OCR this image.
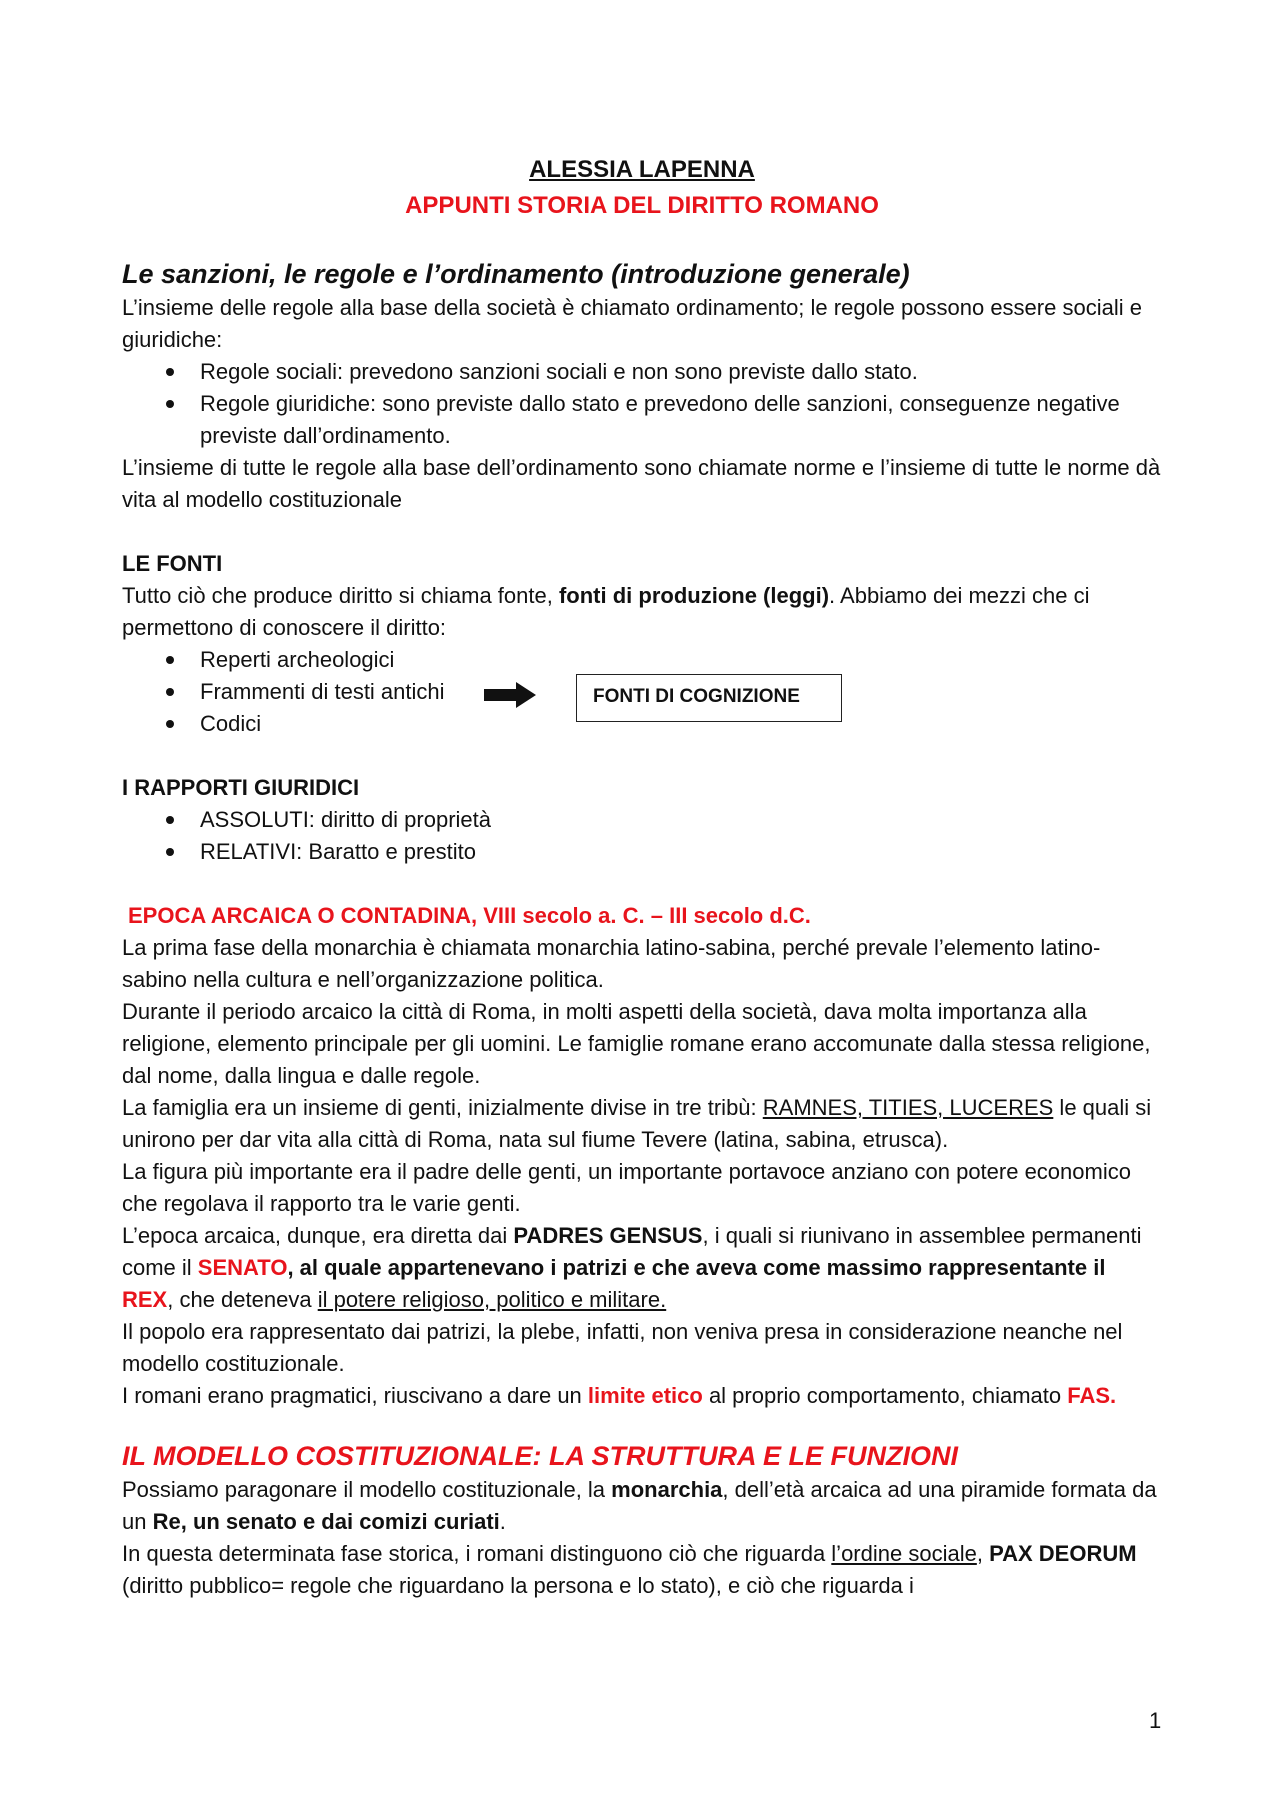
ALESSIA LAPENNA
APPUNTI STORIA DEL DIRITTO ROMANO
Le sanzioni, le regole e l’ordinamento (introduzione generale)

L’insieme delle regole alla base della società è chiamato ordinamento; le regole possono essere sociali e giuridiche:

Regole sociali: prevedono sanzioni sociali e non sono previste dallo stato.
Regole giuridiche: sono previste dallo stato e prevedono delle sanzioni, conseguenze negative previste dall’ordinamento.

L’insieme di tutte le regole alla base dell’ordinamento sono chiamate norme e l’insieme di tutte le norme dà vita al modello costituzionale

LE FONTI

Tutto ciò che produce diritto si chiama fonte, fonti di produzione (leggi). Abbiamo dei mezzi che ci permettono di conoscere il diritto:

Reperti archeologici
Frammenti di testi antichi
Codici
FONTI DI COGNIZIONE
I RAPPORTI GIURIDICI
ASSOLUTI: diritto di proprietà
RELATIVI: Baratto e prestito
EPOCA ARCAICA O CONTADINA, VIII secolo a. C. – III secolo d.C.

La prima fase della monarchia è chiamata monarchia latino-sabina, perché prevale l’elemento latino-sabino nella cultura e nell’organizzazione politica.

Durante il periodo arcaico la città di Roma, in molti aspetti della società, dava molta importanza alla religione, elemento principale per gli uomini. Le famiglie romane erano accomunate dalla stessa religione, dal nome, dalla lingua e dalle regole.

La famiglia era un insieme di genti, inizialmente divise in tre tribù: RAMNES, TITIES, LUCERES le quali si unirono per dar vita alla città di Roma, nata sul fiume Tevere (latina, sabina, etrusca).

La figura più importante era il padre delle genti, un importante portavoce anziano con potere economico che regolava il rapporto tra le varie genti.

L’epoca arcaica, dunque, era diretta dai PADRES GENSUS, i quali si riunivano in assemblee permanenti come il SENATO, al quale appartenevano i patrizi e che aveva come massimo rappresentante il REX, che deteneva il potere religioso, politico e militare.

Il popolo era rappresentato dai patrizi, la plebe, infatti, non veniva presa in considerazione neanche nel modello costituzionale.

I romani erano pragmatici, riuscivano a dare un limite etico al proprio comportamento, chiamato FAS.

IL MODELLO COSTITUZIONALE: LA STRUTTURA E LE FUNZIONI

Possiamo paragonare il modello costituzionale, la monarchia, dell’età arcaica ad una piramide formata da un Re, un senato e dai comizi curiati.

In questa determinata fase storica, i romani distinguono ciò che riguarda l’ordine sociale, PAX DEORUM (diritto pubblico= regole che riguardano la persona e lo stato), e ciò che riguarda i

1
